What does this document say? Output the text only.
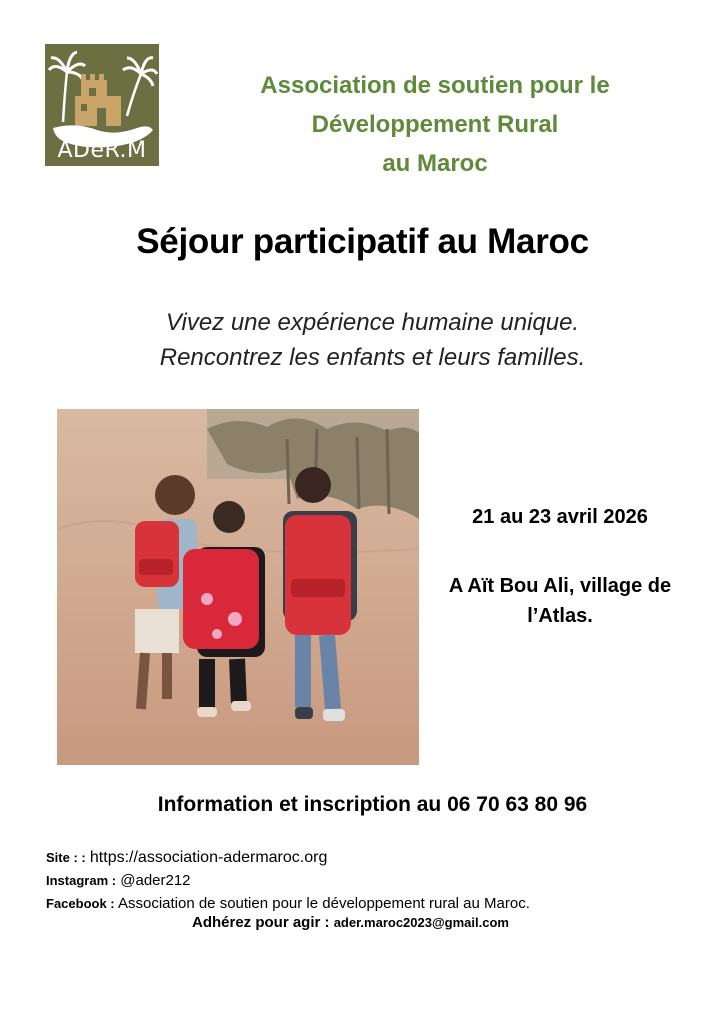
ADéR.M
Association de soutien pour le
Développement Rural
au Maroc
Séjour participatif au Maroc
Vivez une expérience humaine unique.
Rencontrez les enfants et leurs familles.
21 au 23 avril 2026
A Aït Bou Ali, village de
l’Atlas.
Information et inscription au 06 70 63 80 96
Site : : https://association-adermaroc.org
Instagram : @ader212
Facebook : Association de soutien pour le développement rural au Maroc.
Adhérez pour agir : ader.maroc2023@gmail.com
